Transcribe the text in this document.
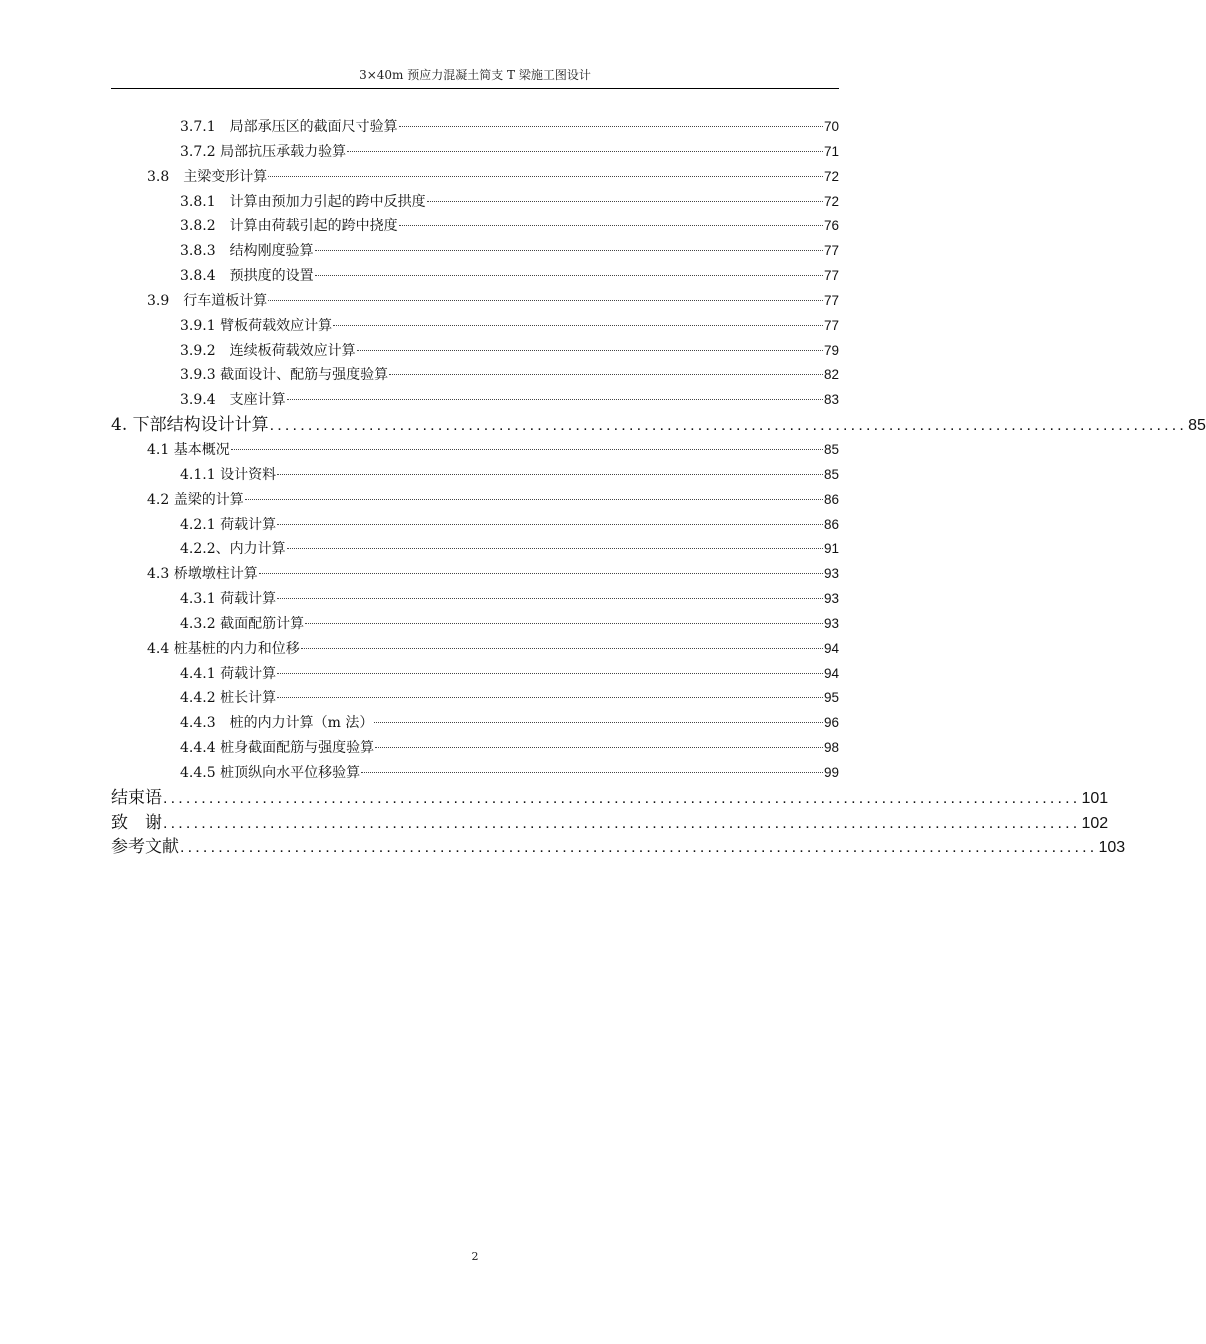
3×40m 预应力混凝土简支 T 梁施工图设计
3.7.1　局部承压区的截面尺寸验算	70
3.7.2 局部抗压承载力验算	71
3.8　主梁变形计算	72
3.8.1　计算由预加力引起的跨中反拱度	72
3.8.2　计算由荷载引起的跨中挠度	76
3.8.3　结构刚度验算	77
3.8.4　预拱度的设置	77
3.9　行车道板计算	77
3.9.1 臂板荷载效应计算	77
3.9.2　连续板荷载效应计算	79
3.9.3 截面设计、配筋与强度验算	82
3.9.4　支座计算	83
4. 下部结构设计计算 ........................................................................................................................ 85
4.1 基本概况	85
4.1.1 设计资料	85
4.2 盖梁的计算	86
4.2.1 荷载计算	86
4.2.2、内力计算	91
4.3 桥墩墩柱计算	93
4.3.1 荷载计算	93
4.3.2 截面配筋计算	93
4.4 桩基桩的内力和位移	94
4.4.1 荷载计算	94
4.4.2 桩长计算	95
4.4.3　桩的内力计算（m 法）	96
4.4.4 桩身截面配筋与强度验算	98
4.4.5 桩顶纵向水平位移验算	99
结束语 ........................................................................................................................ 101
致　谢 ........................................................................................................................ 102
参考文献 ........................................................................................................................ 103
2
